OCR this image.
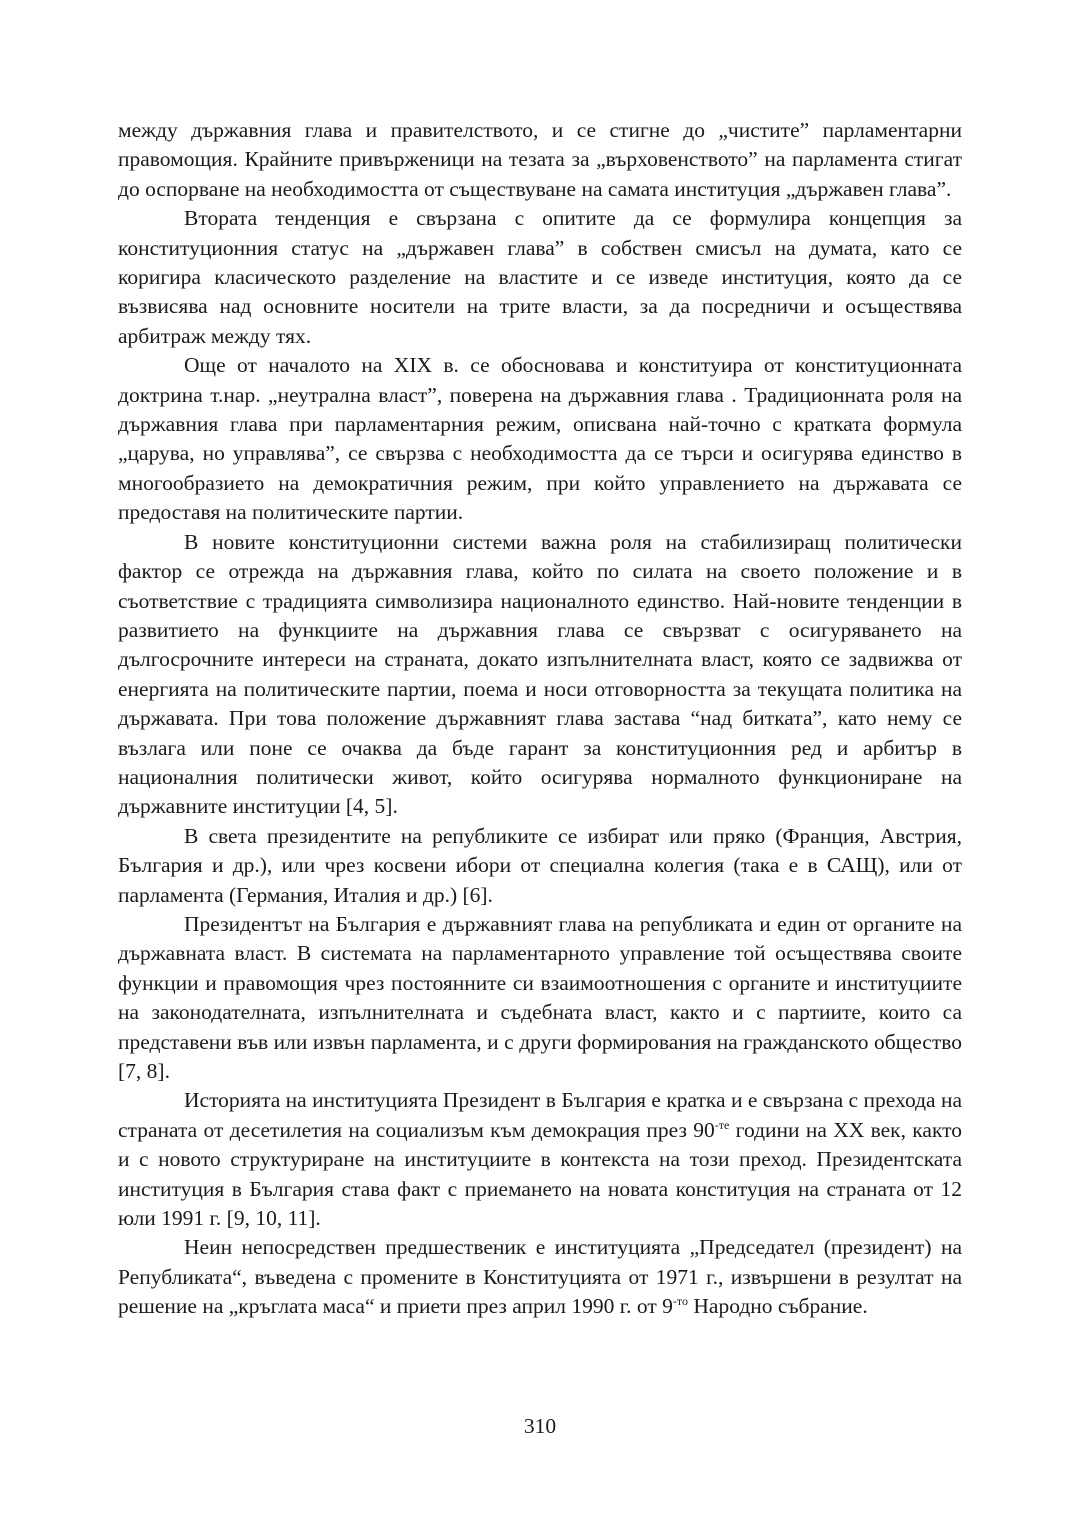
между държавния глава и правителството, и се стигне до „чистите” парламентарни правомощия. Крайните привърженици на тезата за „върховенството” на парламента стигат до оспорване на необходимостта от съществуване на самата институция „държавен глава”.

Втората тенденция е свързана с опитите да се формулира концепция за конституционния статус на „държавен глава” в собствен смисъл на думата, като се коригира класическото разделение на властите и се изведе институция, която да се възвисява над основните носители на трите власти, за да посредничи и осъществява арбитраж между тях.

Още от началото на XIX в. се обосновава и конституира от конституционната доктрина т.нар. „неутрална власт”, поверена на държавния глава . Традиционната роля на държавния глава при парламентарния режим, описвана най-точно с кратката формула „царува, но управлява”, се свързва с необходимостта да се търси и осигурява единство в многообразието на демократичния режим, при който управлението на държавата се предоставя на политическите партии.

В новите конституционни системи важна роля на стабилизиращ политически фактор се отрежда на държавния глава, който по силата на своето положение и в съответствие с традицията символизира националното единство. Най-новите тенденции в развитието на функциите на държавния глава се свързват с осигуряването на дългосрочните интереси на страната, докато изпълнителната власт, която се задвижва от енергията на политическите партии, поема и носи отговорността за текущата политика на държавата. При това положение държавният глава застава “над битката”, като нему се възлага или поне се очаква да бъде гарант за конституционния ред и арбитър в националния политически живот, който осигурява нормалното функциониране на държавните институции [4, 5].

В света президентите на републиките се избират или пряко (Франция, Австрия, България и др.), или чрез косвени ибори от специална колегия (така е в САЩ), или от парламента (Германия, Италия и др.) [6].

Президентът на България е държавният глава на републиката и един от органите на държавната власт. В системата на парламентарното управление той осъществява своите функции и правомощия чрез постоянните си взаимоотношения с органите и институциите на законодателната, изпълнителната и съдебната власт, както и с партиите, които са представени във или извън парламента, и с други формирования на гражданското общество [7, 8].

Историята на институцията Президент в България е кратка и е свързана с прехода на страната от десетилетия на социализъм към демокрация през $90^{-те}$ години на XX век, както и с новото структуриране на институциите в контекста на този преход. Президентската институция в България става факт с приемането на новата конституция на страната от 12 юли 1991 г. [9, 10, 11].

Неин непосредствен предшественик е институцията „Председател (президент) на Републиката“, въведена с промените в Конституцията от 1971 г., извършени в резултат на решение на „кръглата маса“ и приети през април 1990 г. от $9^{-то}$ Народно събрание.

310
